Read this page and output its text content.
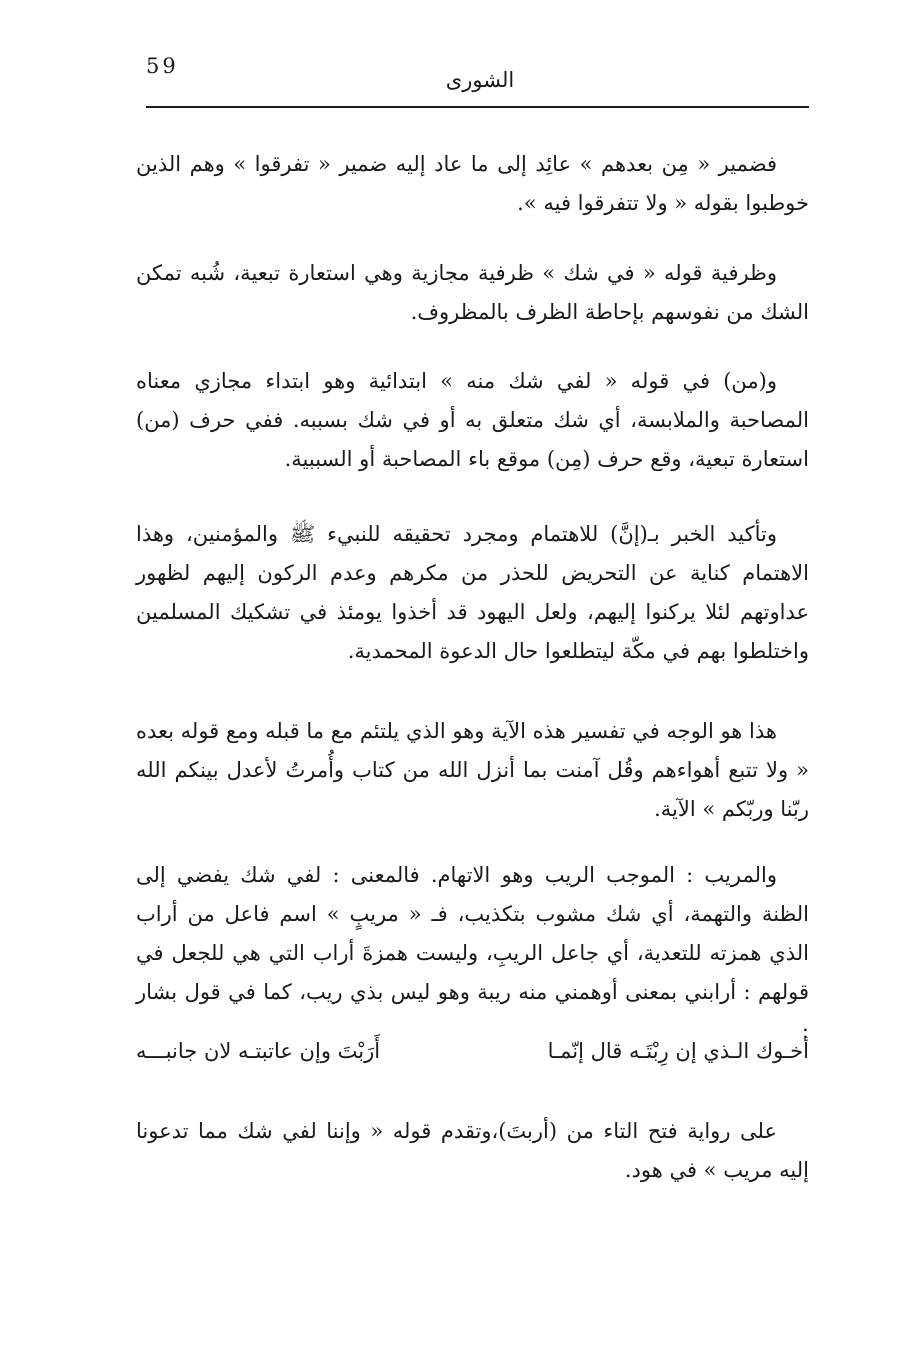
59
الشورى

فضمير « مِن بعدهم » عائِد إلى ما عاد إليه ضمير « تفرقوا » وهم الذين خوطبوا بقوله « ولا تتفرقوا فيه ».

وظرفية قوله « في شك » ظرفية مجازية وهي استعارة تبعية، شُبه تمكن الشك من نفوسهم بإحاطة الظرف بالمظروف.

و(من) في قوله « لفي شك منه » ابتدائية وهو ابتداء مجازي معناه المصاحبة والملابسة، أي شك متعلق به أو في شك بسببه. ففي حرف (من) استعارة تبعية، وقع حرف (مِن) موقع باء المصاحبة أو السببية.

وتأكيد الخبر بـ(إنَّ) للاهتمام ومجرد تحقيقه للنبيء ﷺ والمؤمنين، وهذا الاهتمام كناية عن التحريض للحذر من مكرهم وعدم الركون إليهم لظهور عداوتهم لئلا يركنوا إليهم، ولعل اليهود قد أخذوا يومئذ في تشكيك المسلمين واختلطوا بهم في مكّة ليتطلعوا حال الدعوة المحمدية.

هذا هو الوجه في تفسير هذه الآية وهو الذي يلتئم مع ما قبله ومع قوله بعده « ولا تتبع أهواءهم وقُل آمنت بما أنزل الله من كتاب وأُمرتُ لأعدل بينكم الله ربّنا وربّكم » الآية.

والمريب : الموجب الريب وهو الاتهام. فالمعنى : لفي شك يفضي إلى الظنة والتهمة، أي شك مشوب بتكذيب، فـ « مريبٍ » اسم فاعل من أراب الذي همزته للتعدية، أي جاعل الريبِ، وليست همزةَ أراب التي هي للجعل في قولهم : أرابني بمعنى أوهمني منه ريبة وهو ليس بذي ريب، كما في قول بشار :

أخـوك الـذي إن رِبْتَـه قال إنّمـا
أَرَبْتَ وإن عاتبتـه لان جانبـــه

على رواية فتح التاء من (أربتَ)،وتقدم قوله « وإننا لفي شك مما تدعونا إليه مريب » في هود.
